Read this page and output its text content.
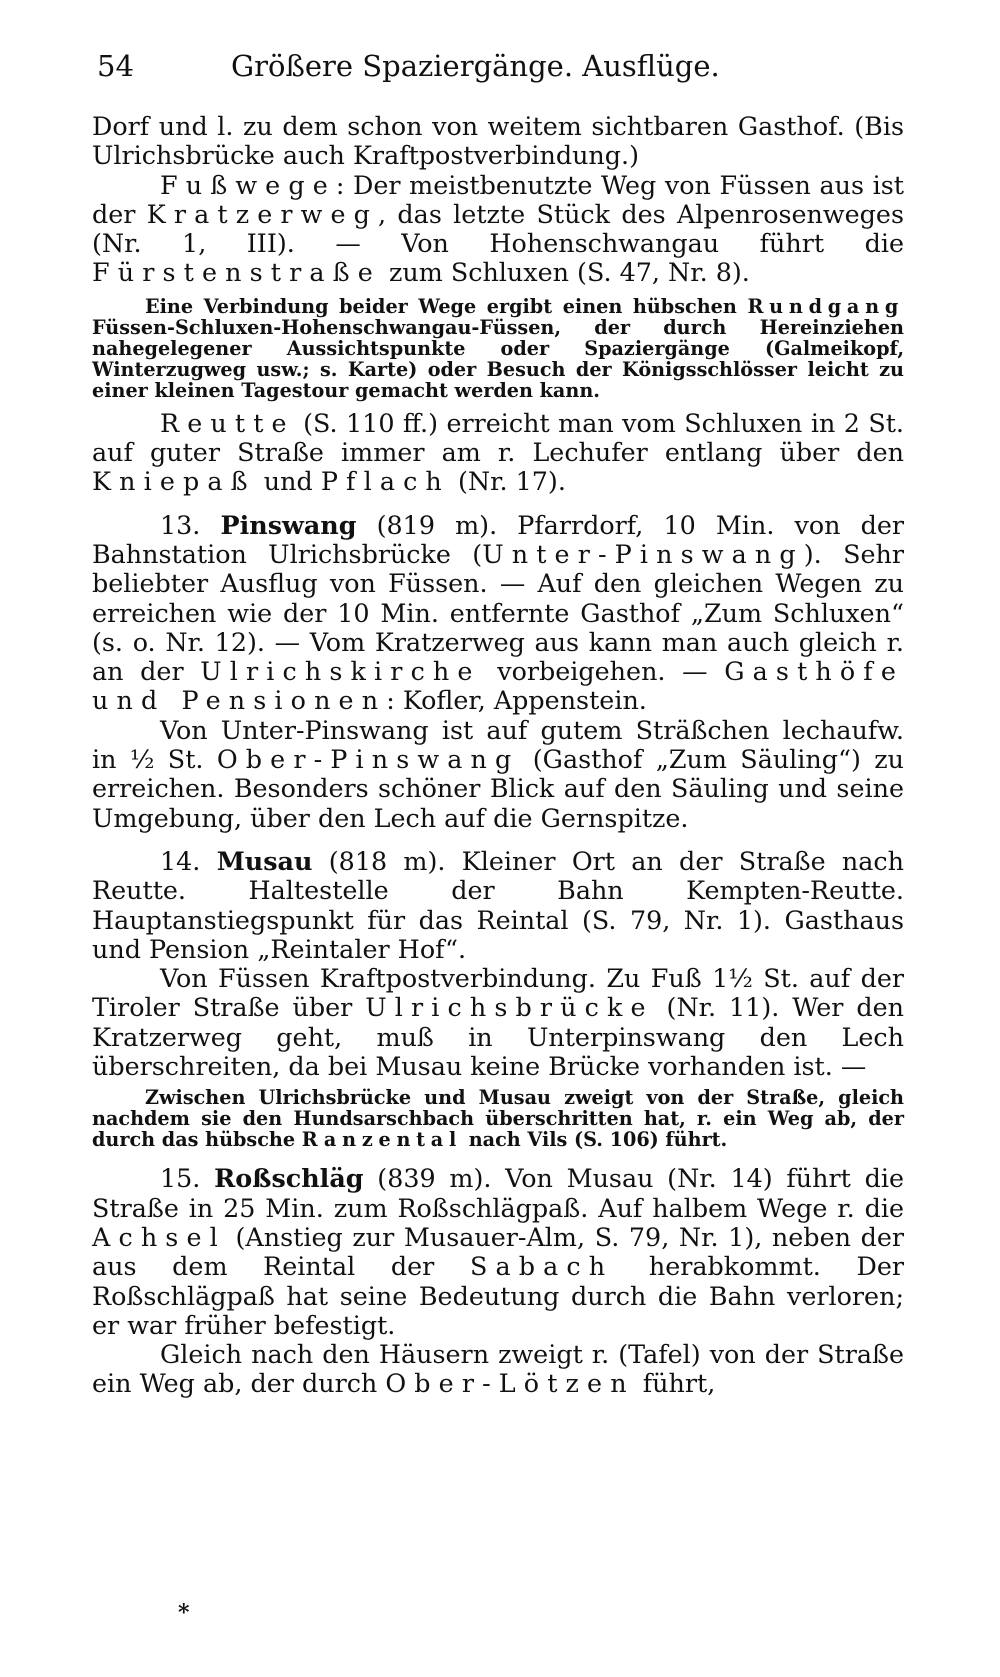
54	Größere Spaziergänge. Ausflüge.

Dorf und l. zu dem schon von weitem sichtbaren Gasthof. (Bis Ulrichsbrücke auch Kraftpostverbindung.)

Fußwege: Der meistbenutzte Weg von Füssen aus ist der Kratzerweg, das letzte Stück des Alpenrosenweges (Nr. 1, III). — Von Hohenschwangau führt die Fürstenstraße zum Schluxen (S. 47, Nr. 8).

Eine Verbindung beider Wege ergibt einen hübschen Rundgang Füssen-Schluxen-Hohenschwangau-Füssen, der durch Hereinziehen nahegelegener Aussichtspunkte oder Spaziergänge (Galmeikopf, Winterzugweg usw.; s. Karte) oder Besuch der Königsschlösser leicht zu einer kleinen Tagestour gemacht werden kann.

Reutte (S. 110 ff.) erreicht man vom Schluxen in 2 St. auf guter Straße immer am r. Lechufer entlang über den Kniepaß und Pflach (Nr. 17).

13. Pinswang (819 m). Pfarrdorf, 10 Min. von der Bahnstation Ulrichsbrücke (Unter-Pinswang). Sehr beliebter Ausflug von Füssen. — Auf den gleichen Wegen zu erreichen wie der 10 Min. entfernte Gasthof „Zum Schluxen“ (s. o. Nr. 12). — Vom Kratzerweg aus kann man auch gleich r. an der Ulrichskirche vorbeigehen. — Gasthöfe und Pensionen: Kofler, Appenstein.

Von Unter-Pinswang ist auf gutem Sträßchen lechaufw. in ½ St. Ober-Pinswang (Gasthof „Zum Säuling“) zu erreichen. Besonders schöner Blick auf den Säuling und seine Umgebung, über den Lech auf die Gernspitze.

14. Musau (818 m). Kleiner Ort an der Straße nach Reutte. Haltestelle der Bahn Kempten-Reutte. Hauptanstiegspunkt für das Reintal (S. 79, Nr. 1). Gasthaus und Pension „Reintaler Hof“.

Von Füssen Kraftpostverbindung. Zu Fuß 1½ St. auf der Tiroler Straße über Ulrichsbrücke (Nr. 11). Wer den Kratzerweg geht, muß in Unterpinswang den Lech überschreiten, da bei Musau keine Brücke vorhanden ist. —

Zwischen Ulrichsbrücke und Musau zweigt von der Straße, gleich nachdem sie den Hundsarschbach überschritten hat, r. ein Weg ab, der durch das hübsche Ranzental nach Vils (S. 106) führt.

15. Roßschläg (839 m). Von Musau (Nr. 14) führt die Straße in 25 Min. zum Roßschlägpaß. Auf halbem Wege r. die Achsel (Anstieg zur Musauer-Alm, S. 79, Nr. 1), neben der aus dem Reintal der Sabach herabkommt. Der Roßschlägpaß hat seine Bedeutung durch die Bahn verloren; er war früher befestigt.

Gleich nach den Häusern zweigt r. (Tafel) von der Straße ein Weg ab, der durch Ober-Lötzen führt,

*
